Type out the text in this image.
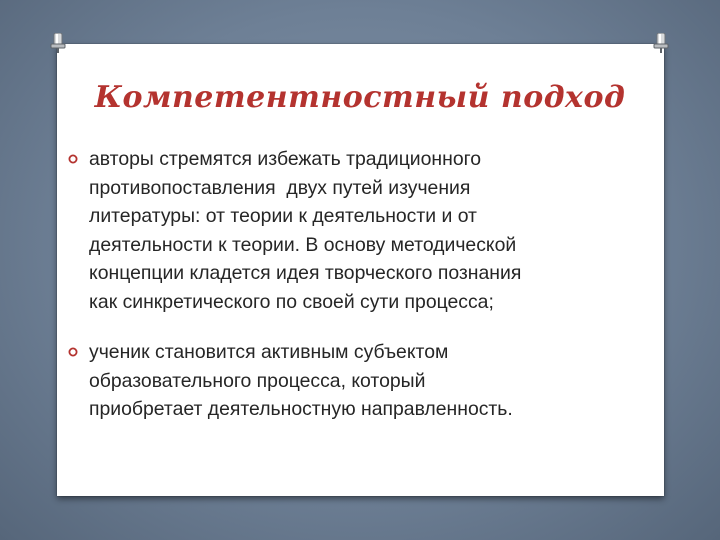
Компетентностный подход
авторы стремятся избежать традиционного
противопоставления  двух путей изучения
литературы: от теории к деятельности и от
деятельности к теории. В основу методической
концепции кладется идея творческого познания
как синкретического по своей сути процесса;
ученик становится активным субъектом
образовательного процесса, который
приобретает деятельностную направленность.
